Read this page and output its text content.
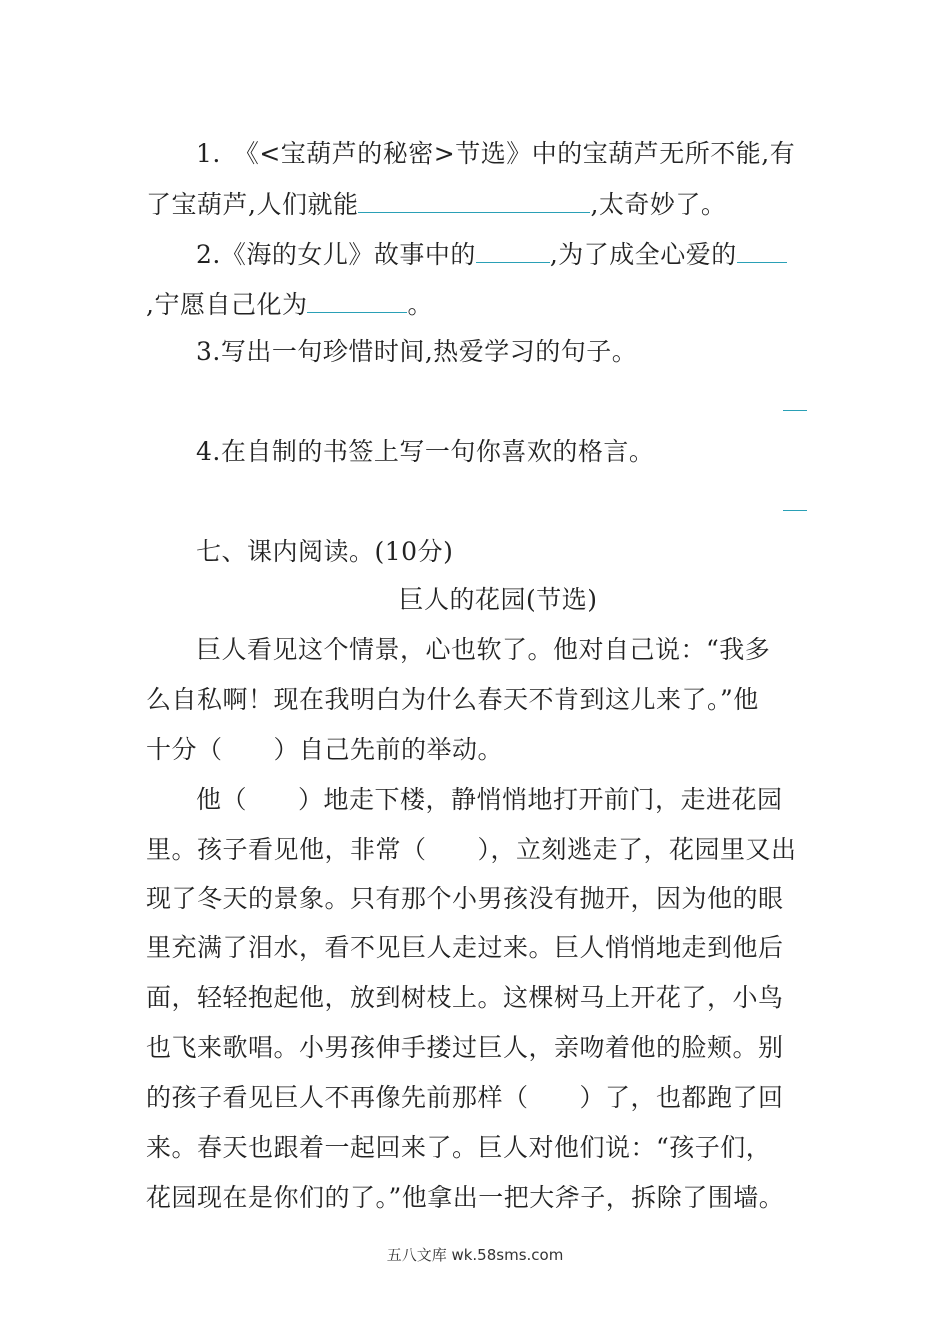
1.　《<宝葫芦的秘密>节选》中的宝葫芦无所不能,有
了宝葫芦,人们就能	,太奇妙了。
2.《海的女儿》故事中的	,为了成全心爱的
,宁愿自己化为	。
3.写出一句珍惜时间,热爱学习的句子。
4.在自制的书签上写一句你喜欢的格言。
七、课内阅读。(10分)
巨人的花园(节选)
巨人看见这个情景，心也软了。他对自己说：“我多
么自私啊！现在我明白为什么春天不肯到这儿来了。”他
十分（　　）自己先前的举动。
他（　　）地走下楼，静悄悄地打开前门，走进花园
里。孩子看见他，非常（　　），立刻逃走了，花园里又出
现了冬天的景象。只有那个小男孩没有抛开，因为他的眼
里充满了泪水，看不见巨人走过来。巨人悄悄地走到他后
面，轻轻抱起他，放到树枝上。这棵树马上开花了，小鸟
也飞来歌唱。小男孩伸手搂过巨人，亲吻着他的脸颊。别
的孩子看见巨人不再像先前那样（　　）了，也都跑了回
来。春天也跟着一起回来了。巨人对他们说：“孩子们，
花园现在是你们的了。”他拿出一把大斧子，拆除了围墙。
五八文库 wk.58sms.com
